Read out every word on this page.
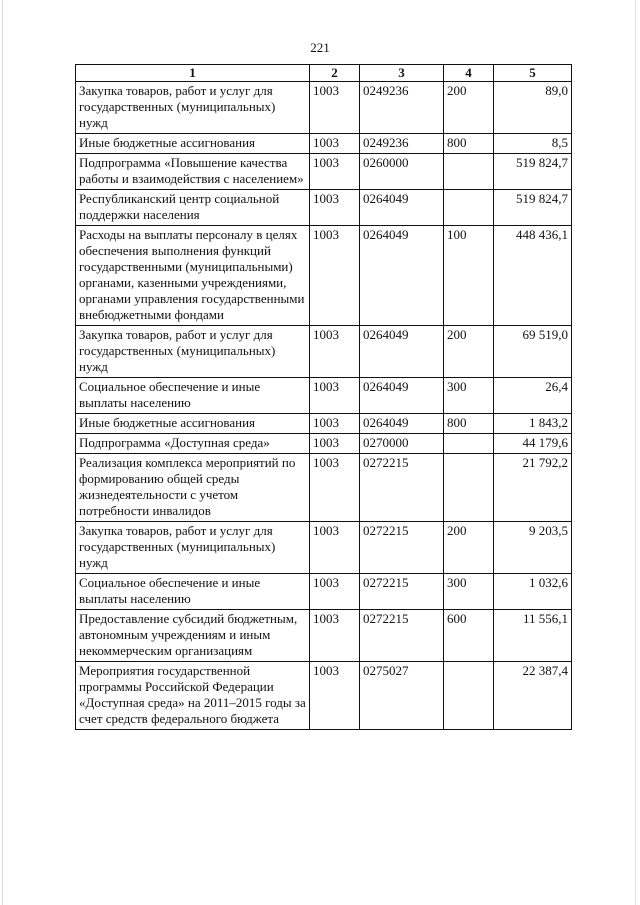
221
1	2	3	4	5
Закупка товаров, работ и услуг для государственных (муниципальных) нужд	1003	0249236	200	89,0
Иные бюджетные ассигнования	1003	0249236	800	8,5
Подпрограмма «Повышение качества работы и взаимодействия с населением»	1003	0260000		519 824,7
Республиканский центр социальной поддержки населения	1003	0264049		519 824,7
Расходы на выплаты персоналу в целях обеспечения выполнения функций государственными (муниципальными) органами, казенными учреждениями, органами управления государственными внебюджетными фондами	1003	0264049	100	448 436,1
Закупка товаров, работ и услуг для государственных (муниципальных) нужд	1003	0264049	200	69 519,0
Социальное обеспечение и иные выплаты населению	1003	0264049	300	26,4
Иные бюджетные ассигнования	1003	0264049	800	1 843,2
Подпрограмма «Доступная среда»	1003	0270000		44 179,6
Реализация комплекса мероприятий по формированию общей среды жизнедеятельности с учетом потребности инвалидов	1003	0272215		21 792,2
Закупка товаров, работ и услуг для государственных (муниципальных) нужд	1003	0272215	200	9 203,5
Социальное обеспечение и иные выплаты населению	1003	0272215	300	1 032,6
Предоставление субсидий бюджетным, автономным учреждениям и иным некоммерческим организациям	1003	0272215	600	11 556,1
Мероприятия государственной программы Российской Федерации «Доступная среда» на 2011–2015 годы за счет средств федерального бюджета	1003	0275027		22 387,4
